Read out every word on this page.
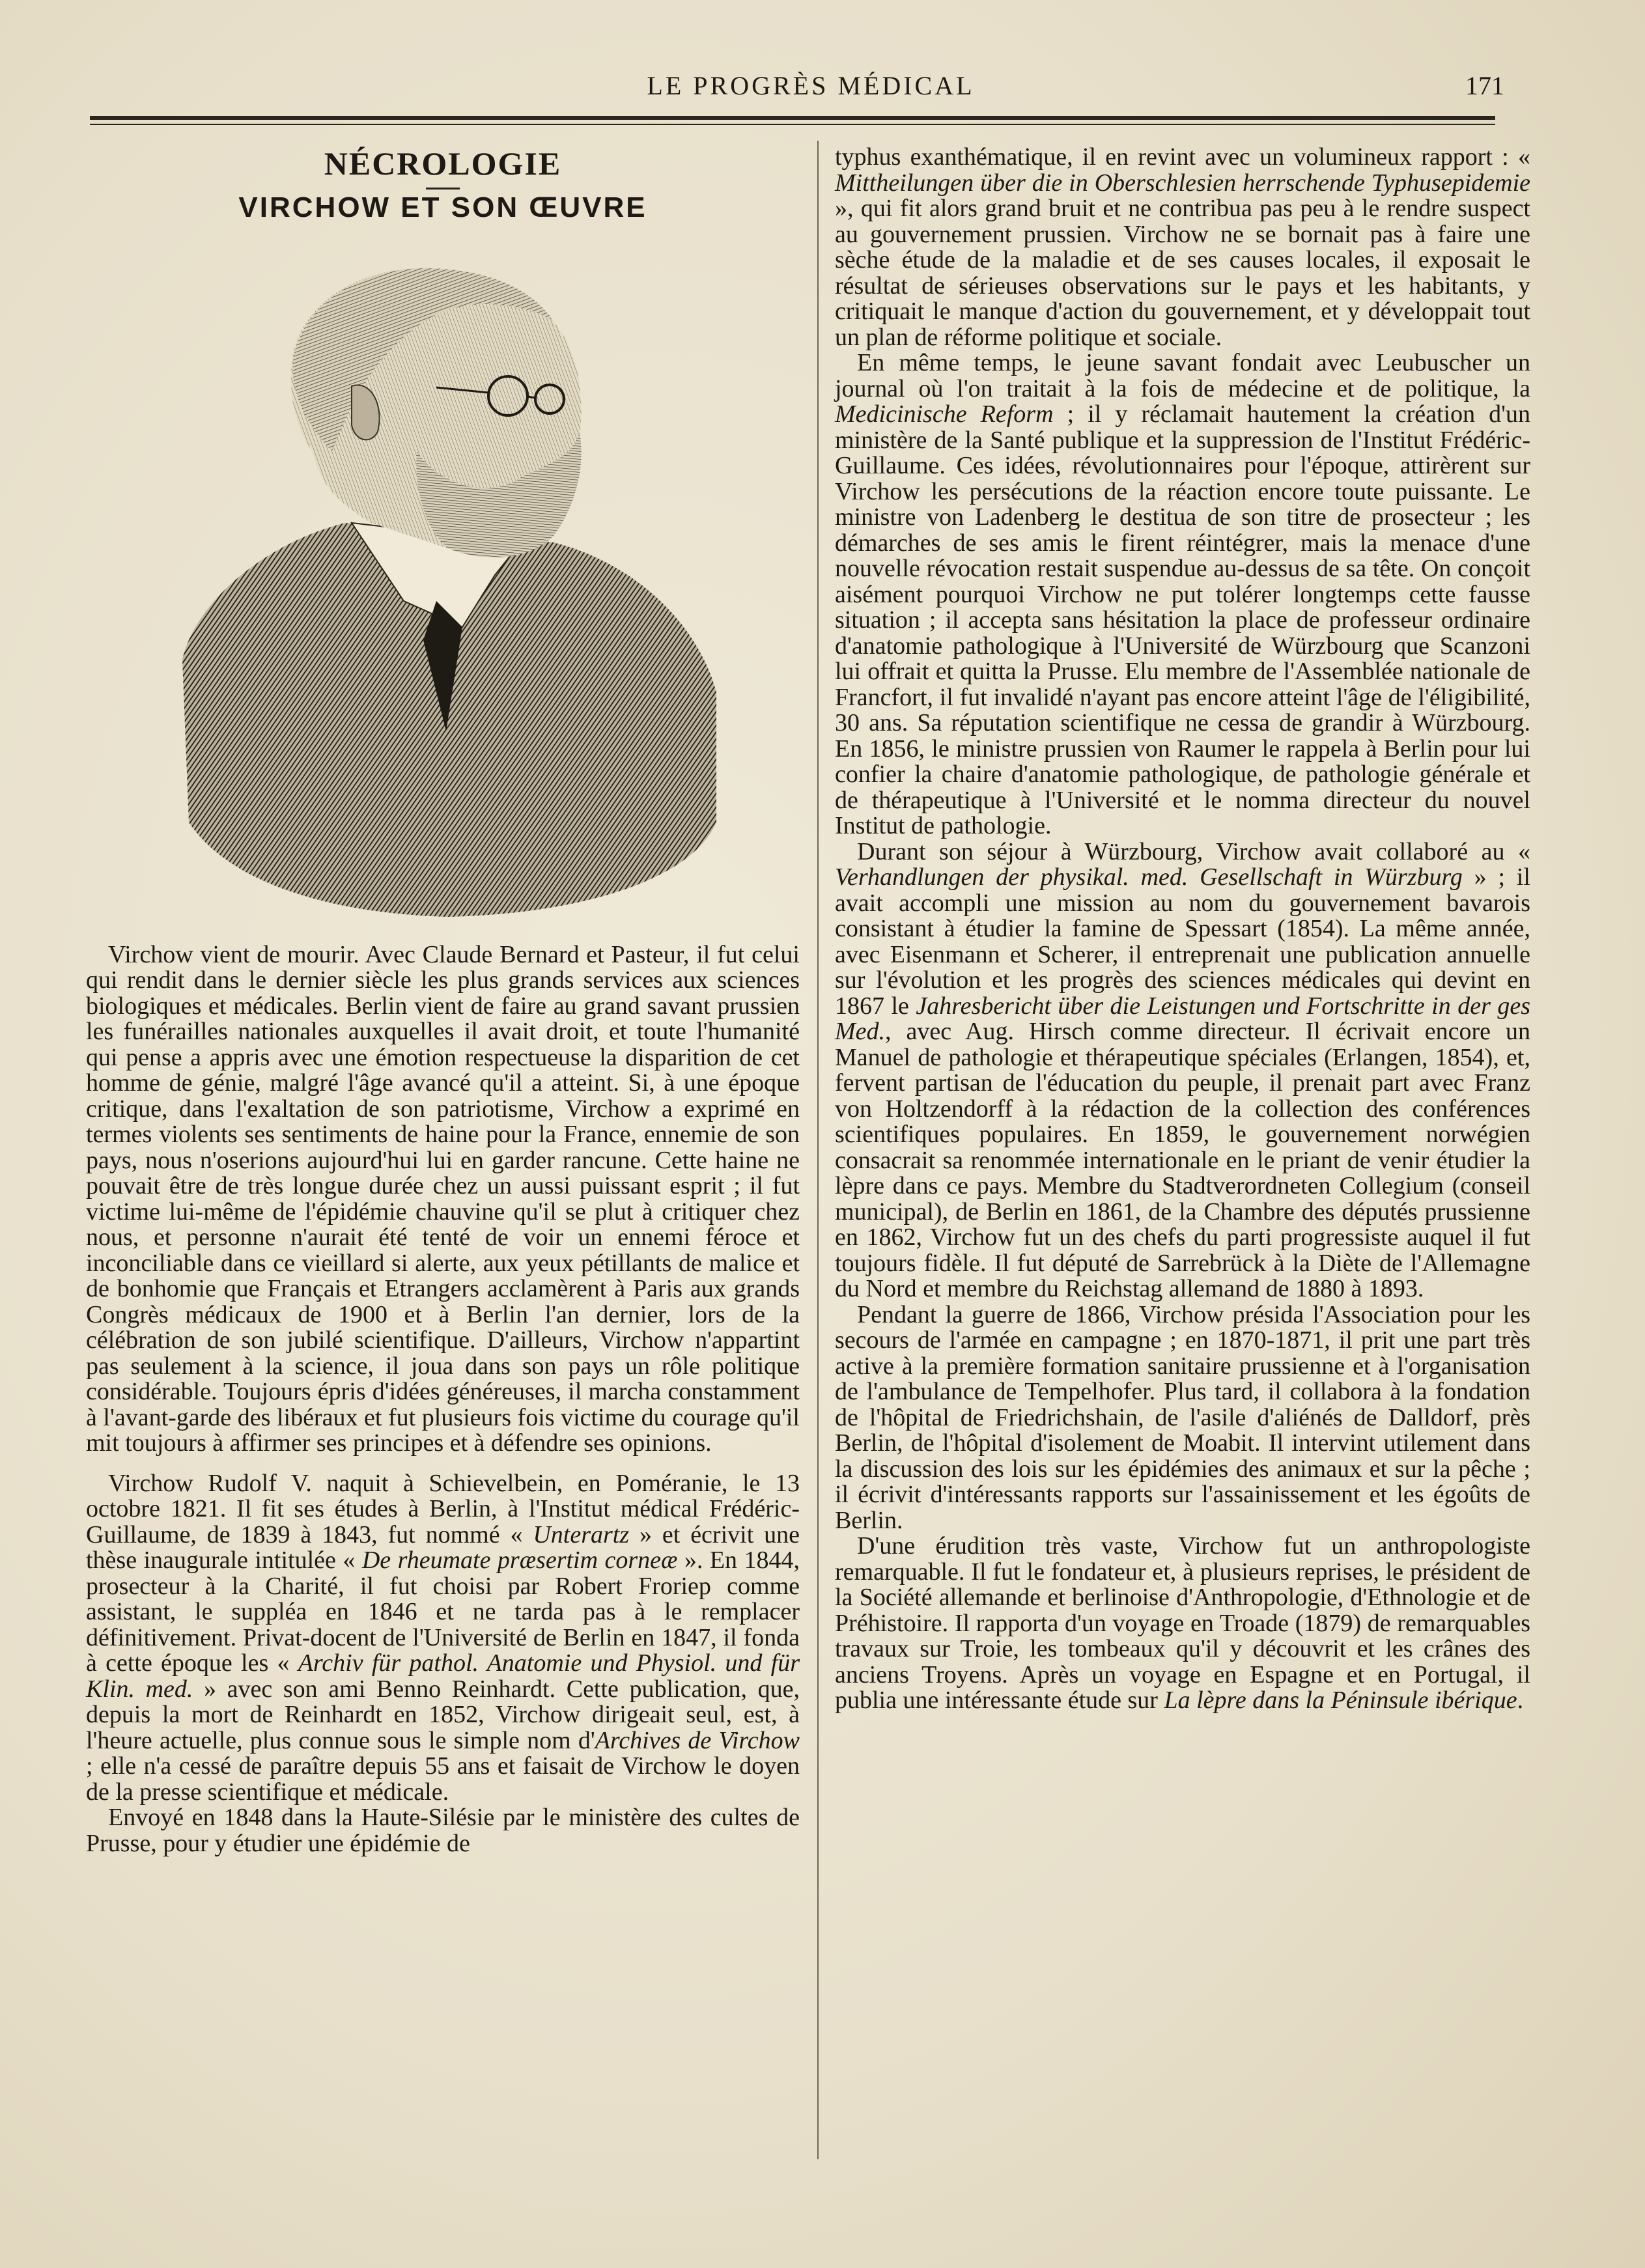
LE PROGRÈS MÉDICAL	171
NÉCROLOGIE
VIRCHOW ET SON ŒUVRE

Virchow vient de mourir. Avec Claude Bernard et Pasteur, il fut celui qui rendit dans le dernier siècle les plus grands services aux sciences biologiques et médicales. Berlin vient de faire au grand savant prussien les funérailles nationales auxquelles il avait droit, et toute l'humanité qui pense a appris avec une émotion respectueuse la disparition de cet homme de génie, malgré l'âge avancé qu'il a atteint. Si, à une époque critique, dans l'exaltation de son patriotisme, Virchow a exprimé en termes violents ses sentiments de haine pour la France, ennemie de son pays, nous n'oserions aujourd'hui lui en garder rancune. Cette haine ne pouvait être de très longue durée chez un aussi puissant esprit ; il fut victime lui-même de l'épidémie chauvine qu'il se plut à critiquer chez nous, et personne n'aurait été tenté de voir un ennemi féroce et inconciliable dans ce vieillard si alerte, aux yeux pétillants de malice et de bonhomie que Français et Etrangers acclamèrent à Paris aux grands Congrès médicaux de 1900 et à Berlin l'an dernier, lors de la célébration de son jubilé scientifique. D'ailleurs, Virchow n'appartint pas seulement à la science, il joua dans son pays un rôle politique considérable. Toujours épris d'idées généreuses, il marcha constamment à l'avant-garde des libéraux et fut plusieurs fois victime du courage qu'il mit toujours à affirmer ses principes et à défendre ses opinions.

Virchow Rudolf V. naquit à Schievelbein, en Poméranie, le 13 octobre 1821. Il fit ses études à Berlin, à l'Institut médical Frédéric-Guillaume, de 1839 à 1843, fut nommé « Unterartz » et écrivit une thèse inaugurale intitulée « De rheumate præsertim corneæ ». En 1844, prosecteur à la Charité, il fut choisi par Robert Froriep comme assistant, le suppléa en 1846 et ne tarda pas à le remplacer définitivement. Privat-docent de l'Université de Berlin en 1847, il fonda à cette époque les « Archiv für pathol. Anatomie und Physiol. und für Klin. med. » avec son ami Benno Reinhardt. Cette publication, que, depuis la mort de Reinhardt en 1852, Virchow dirigeait seul, est, à l'heure actuelle, plus connue sous le simple nom d'Archives de Virchow ; elle n'a cessé de paraître depuis 55 ans et faisait de Virchow le doyen de la presse scientifique et médicale.

Envoyé en 1848 dans la Haute-Silésie par le ministère des cultes de Prusse, pour y étudier une épidémie de

typhus exanthématique, il en revint avec un volumineux rapport : « Mittheilungen über die in Oberschlesien herrschende Typhusepidemie », qui fit alors grand bruit et ne contribua pas peu à le rendre suspect au gouvernement prussien. Virchow ne se bornait pas à faire une sèche étude de la maladie et de ses causes locales, il exposait le résultat de sérieuses observations sur le pays et les habitants, y critiquait le manque d'action du gouvernement, et y développait tout un plan de réforme politique et sociale.

En même temps, le jeune savant fondait avec Leubuscher un journal où l'on traitait à la fois de médecine et de politique, la Medicinische Reform ; il y réclamait hautement la création d'un ministère de la Santé publique et la suppression de l'Institut Frédéric-Guillaume. Ces idées, révolutionnaires pour l'époque, attirèrent sur Virchow les persécutions de la réaction encore toute puissante. Le ministre von Ladenberg le destitua de son titre de prosecteur ; les démarches de ses amis le firent réintégrer, mais la menace d'une nouvelle révocation restait suspendue au-dessus de sa tête. On conçoit aisément pourquoi Virchow ne put tolérer longtemps cette fausse situation ; il accepta sans hésitation la place de professeur ordinaire d'anatomie pathologique à l'Université de Würzbourg que Scanzoni lui offrait et quitta la Prusse. Elu membre de l'Assemblée nationale de Francfort, il fut invalidé n'ayant pas encore atteint l'âge de l'éligibilité, 30 ans. Sa réputation scientifique ne cessa de grandir à Würzbourg. En 1856, le ministre prussien von Raumer le rappela à Berlin pour lui confier la chaire d'anatomie pathologique, de pathologie générale et de thérapeutique à l'Université et le nomma directeur du nouvel Institut de pathologie.

Durant son séjour à Würzbourg, Virchow avait collaboré au « Verhandlungen der physikal. med. Gesellschaft in Würzburg » ; il avait accompli une mission au nom du gouvernement bavarois consistant à étudier la famine de Spessart (1854). La même année, avec Eisenmann et Scherer, il entreprenait une publication annuelle sur l'évolution et les progrès des sciences médicales qui devint en 1867 le Jahresbericht über die Leistungen und Fortschritte in der ges Med., avec Aug. Hirsch comme directeur. Il écrivait encore un Manuel de pathologie et thérapeutique spéciales (Erlangen, 1854), et, fervent partisan de l'éducation du peuple, il prenait part avec Franz von Holtzendorff à la rédaction de la collection des conférences scientifiques populaires. En 1859, le gouvernement norwégien consacrait sa renommée internationale en le priant de venir étudier la lèpre dans ce pays. Membre du Stadtverordneten Collegium (conseil municipal), de Berlin en 1861, de la Chambre des députés prussienne en 1862, Virchow fut un des chefs du parti progressiste auquel il fut toujours fidèle. Il fut député de Sarrebrück à la Diète de l'Allemagne du Nord et membre du Reichstag allemand de 1880 à 1893.

Pendant la guerre de 1866, Virchow présida l'Association pour les secours de l'armée en campagne ; en 1870-1871, il prit une part très active à la première formation sanitaire prussienne et à l'organisation de l'ambulance de Tempelhofer. Plus tard, il collabora à la fondation de l'hôpital de Friedrichshain, de l'asile d'aliénés de Dalldorf, près Berlin, de l'hôpital d'isolement de Moabit. Il intervint utilement dans la discussion des lois sur les épidémies des animaux et sur la pêche ; il écrivit d'intéressants rapports sur l'assainissement et les égoûts de Berlin.

D'une érudition très vaste, Virchow fut un anthropologiste remarquable. Il fut le fondateur et, à plusieurs reprises, le président de la Société allemande et berlinoise d'Anthropologie, d'Ethnologie et de Préhistoire. Il rapporta d'un voyage en Troade (1879) de remarquables travaux sur Troie, les tombeaux qu'il y découvrit et les crânes des anciens Troyens. Après un voyage en Espagne et en Portugal, il publia une intéressante étude sur La lèpre dans la Péninsule ibérique.
